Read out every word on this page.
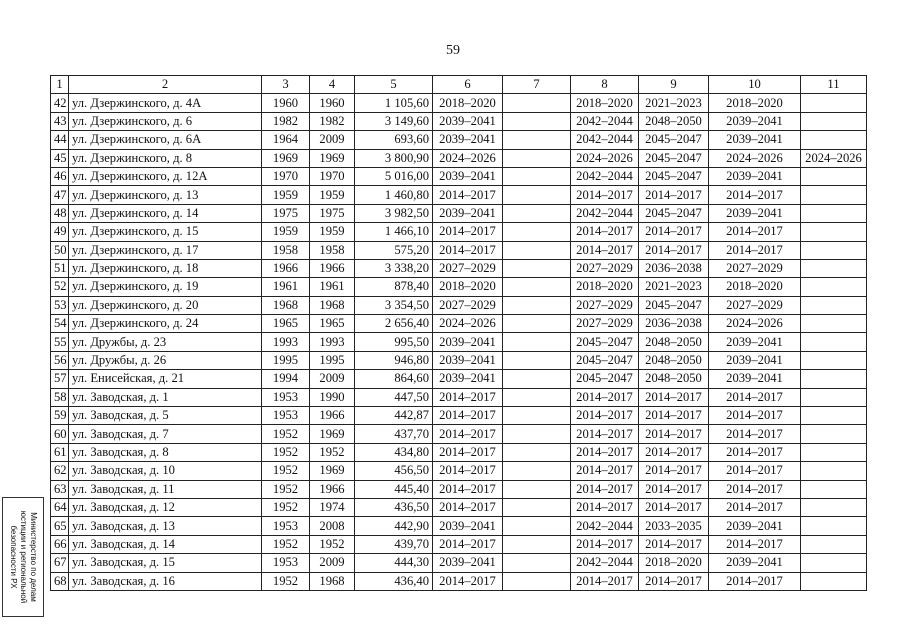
59
1	2	3	4	5	6	7	8	9	10	11
42	ул. Дзержинского, д. 4А	1960	1960	1 105,60	2018–2020		2018–2020	2021–2023	2018–2020	
43	ул. Дзержинского, д. 6	1982	1982	3 149,60	2039–2041		2042–2044	2048–2050	2039–2041	
44	ул. Дзержинского, д. 6А	1964	2009	693,60	2039–2041		2042–2044	2045–2047	2039–2041	
45	ул. Дзержинского, д. 8	1969	1969	3 800,90	2024–2026		2024–2026	2045–2047	2024–2026	2024–2026
46	ул. Дзержинского, д. 12А	1970	1970	5 016,00	2039–2041		2042–2044	2045–2047	2039–2041	
47	ул. Дзержинского, д. 13	1959	1959	1 460,80	2014–2017		2014–2017	2014–2017	2014–2017	
48	ул. Дзержинского, д. 14	1975	1975	3 982,50	2039–2041		2042–2044	2045–2047	2039–2041	
49	ул. Дзержинского, д. 15	1959	1959	1 466,10	2014–2017		2014–2017	2014–2017	2014–2017	
50	ул. Дзержинского, д. 17	1958	1958	575,20	2014–2017		2014–2017	2014–2017	2014–2017	
51	ул. Дзержинского, д. 18	1966	1966	3 338,20	2027–2029		2027–2029	2036–2038	2027–2029	
52	ул. Дзержинского, д. 19	1961	1961	878,40	2018–2020		2018–2020	2021–2023	2018–2020	
53	ул. Дзержинского, д. 20	1968	1968	3 354,50	2027–2029		2027–2029	2045–2047	2027–2029	
54	ул. Дзержинского, д. 24	1965	1965	2 656,40	2024–2026		2027–2029	2036–2038	2024–2026	
55	ул. Дружбы, д. 23	1993	1993	995,50	2039–2041		2045–2047	2048–2050	2039–2041	
56	ул. Дружбы, д. 26	1995	1995	946,80	2039–2041		2045–2047	2048–2050	2039–2041	
57	ул. Енисейская, д. 21	1994	2009	864,60	2039–2041		2045–2047	2048–2050	2039–2041	
58	ул. Заводская, д. 1	1953	1990	447,50	2014–2017		2014–2017	2014–2017	2014–2017	
59	ул. Заводская, д. 5	1953	1966	442,87	2014–2017		2014–2017	2014–2017	2014–2017	
60	ул. Заводская, д. 7	1952	1969	437,70	2014–2017		2014–2017	2014–2017	2014–2017	
61	ул. Заводская, д. 8	1952	1952	434,80	2014–2017		2014–2017	2014–2017	2014–2017	
62	ул. Заводская, д. 10	1952	1969	456,50	2014–2017		2014–2017	2014–2017	2014–2017	
63	ул. Заводская, д. 11	1952	1966	445,40	2014–2017		2014–2017	2014–2017	2014–2017	
64	ул. Заводская, д. 12	1952	1974	436,50	2014–2017		2014–2017	2014–2017	2014–2017	
65	ул. Заводская, д. 13	1953	2008	442,90	2039–2041		2042–2044	2033–2035	2039–2041	
66	ул. Заводская, д. 14	1952	1952	439,70	2014–2017		2014–2017	2014–2017	2014–2017	
67	ул. Заводская, д. 15	1953	2009	444,30	2039–2041		2042–2044	2018–2020	2039–2041	
68	ул. Заводская, д. 16	1952	1968	436,40	2014–2017		2014–2017	2014–2017	2014–2017	
Министерство по делам
юстиции и региональной
безопасности РХ
